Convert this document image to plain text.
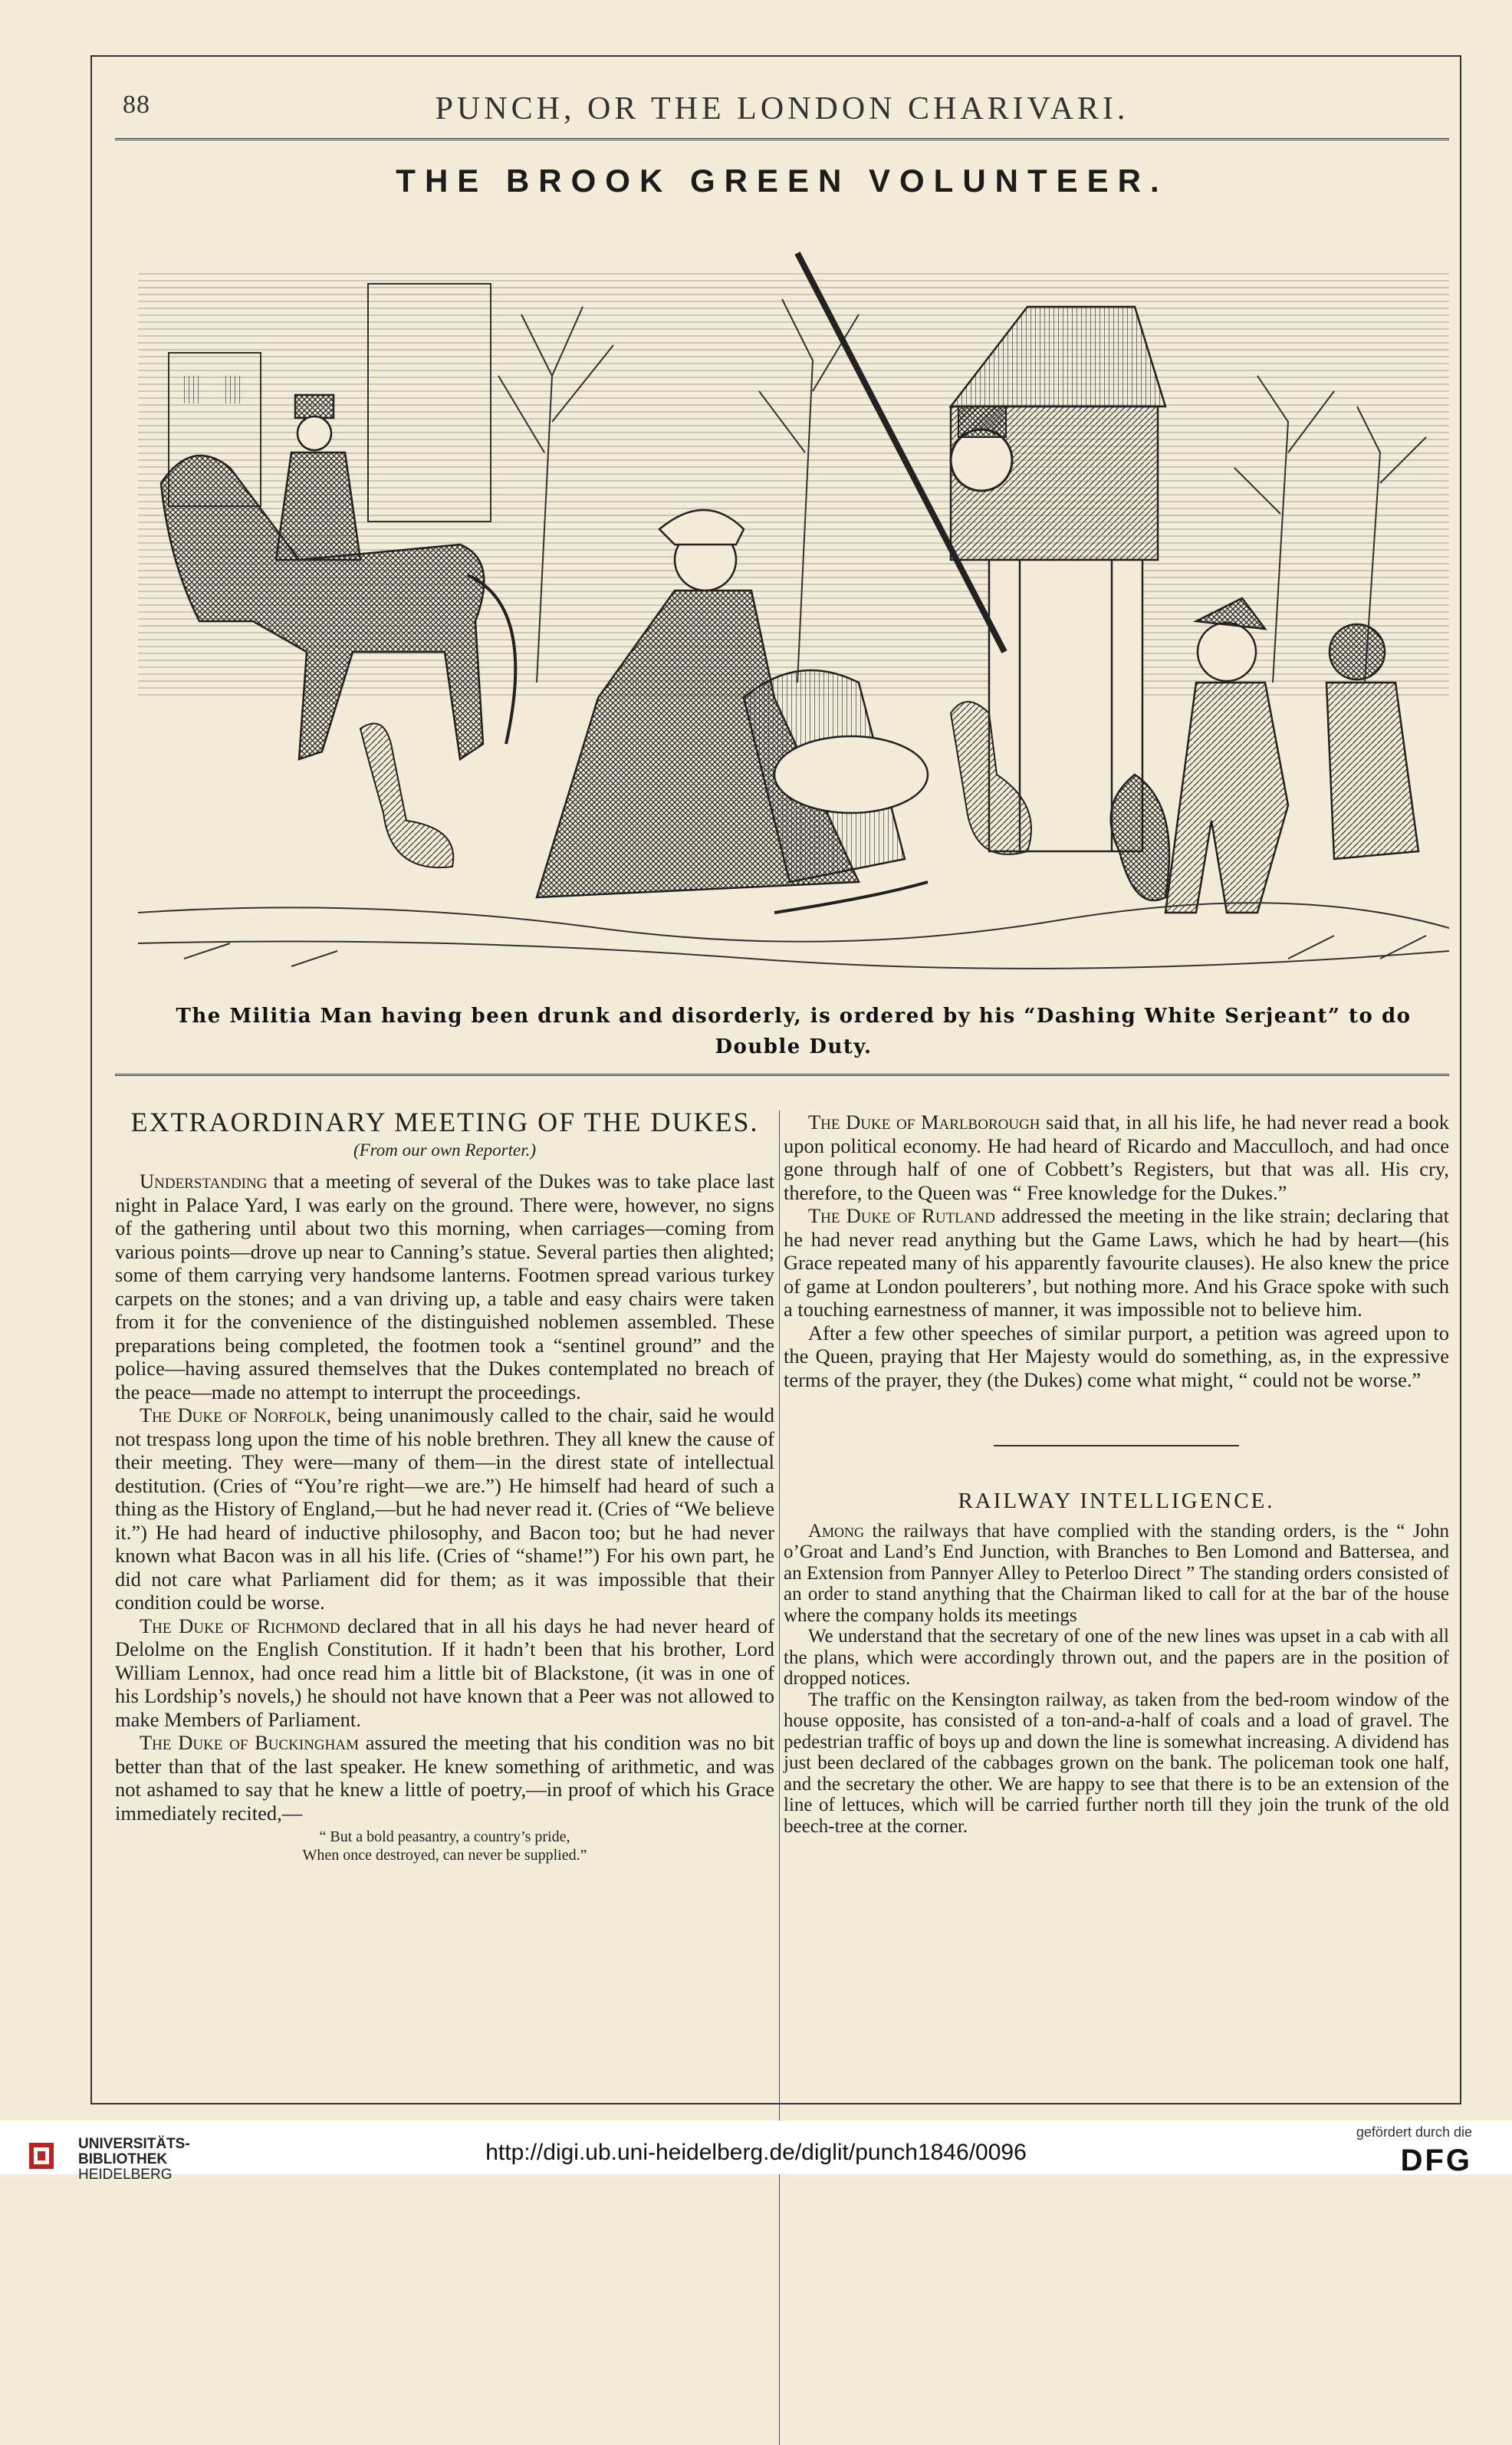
88	PUNCH, OR THE LONDON CHARIVARI.
THE BROOK GREEN VOLUNTEER.
The Militia Man having been drunk and disorderly, is ordered by his “Dashing White Serjeant” to do Double Duty.
EXTRAORDINARY MEETING OF THE DUKES.
(From our own Reporter.)

Understanding that a meeting of several of the Dukes was to take place last night in Palace Yard, I was early on the ground. There were, however, no signs of the gathering until about two this morning, when carriages—coming from various points—drove up near to Canning’s statue. Several parties then alighted; some of them carrying very handsome lanterns. Footmen spread various turkey carpets on the stones; and a van driving up, a table and easy chairs were taken from it for the convenience of the distinguished noblemen assembled. These preparations being completed, the footmen took a “sentinel ground” and the police—having assured themselves that the Dukes contemplated no breach of the peace—made no attempt to interrupt the proceedings.

The Duke of Norfolk, being unanimously called to the chair, said he would not trespass long upon the time of his noble brethren. They all knew the cause of their meeting. They were—many of them—in the direst state of intellectual destitution. (Cries of “You’re right—we are.”) He himself had heard of such a thing as the History of England,—but he had never read it. (Cries of “We believe it.”) He had heard of inductive philosophy, and Bacon too; but he had never known what Bacon was in all his life. (Cries of “shame!”) For his own part, he did not care what Parliament did for them; as it was impossible that their condition could be worse.

The Duke of Richmond declared that in all his days he had never heard of Delolme on the English Constitution. If it hadn’t been that his brother, Lord William Lennox, had once read him a little bit of Blackstone, (it was in one of his Lordship’s novels,) he should not have known that a Peer was not allowed to make Members of Parliament.

The Duke of Buckingham assured the meeting that his condition was no bit better than that of the last speaker. He knew something of arithmetic, and was not ashamed to say that he knew a little of poetry,—in proof of which his Grace immediately recited,—

“ But a bold peasantry, a country’s pride,
When once destroyed, can never be supplied.”

The Duke of Marlborough said that, in all his life, he had never read a book upon political economy. He had heard of Ricardo and Macculloch, and had once gone through half of one of Cobbett’s Registers, but that was all. His cry, therefore, to the Queen was “ Free knowledge for the Dukes.”

The Duke of Rutland addressed the meeting in the like strain; declaring that he had never read anything but the Game Laws, which he had by heart—(his Grace repeated many of his apparently favourite clauses). He also knew the price of game at London poulterers’, but nothing more. And his Grace spoke with such a touching earnestness of manner, it was impossible not to believe him.

After a few other speeches of similar purport, a petition was agreed upon to the Queen, praying that Her Majesty would do something, as, in the expressive terms of the prayer, they (the Dukes) come what might, “ could not be worse.”

RAILWAY INTELLIGENCE.

Among the railways that have complied with the standing orders, is the “ John o’Groat and Land’s End Junction, with Branches to Ben Lomond and Battersea, and an Extension from Pannyer Alley to Peterloo Direct ” The standing orders consisted of an order to stand anything that the Chairman liked to call for at the bar of the house where the company holds its meetings

We understand that the secretary of one of the new lines was upset in a cab with all the plans, which were accordingly thrown out, and the papers are in the position of dropped notices.

The traffic on the Kensington railway, as taken from the bed-room window of the house opposite, has consisted of a ton-and-a-half of coals and a load of gravel. The pedestrian traffic of boys up and down the line is somewhat increasing. A dividend has just been declared of the cabbages grown on the bank. The policeman took one half, and the secretary the other. We are happy to see that there is to be an extension of the line of lettuces, which will be carried further north till they join the trunk of the old beech-tree at the corner.

UNIVERSITÄTS-
BIBLIOTHEK
HEIDELBERG
http://digi.ub.uni-heidelberg.de/diglit/punch1846/0096
gefördert durch die
DFG
